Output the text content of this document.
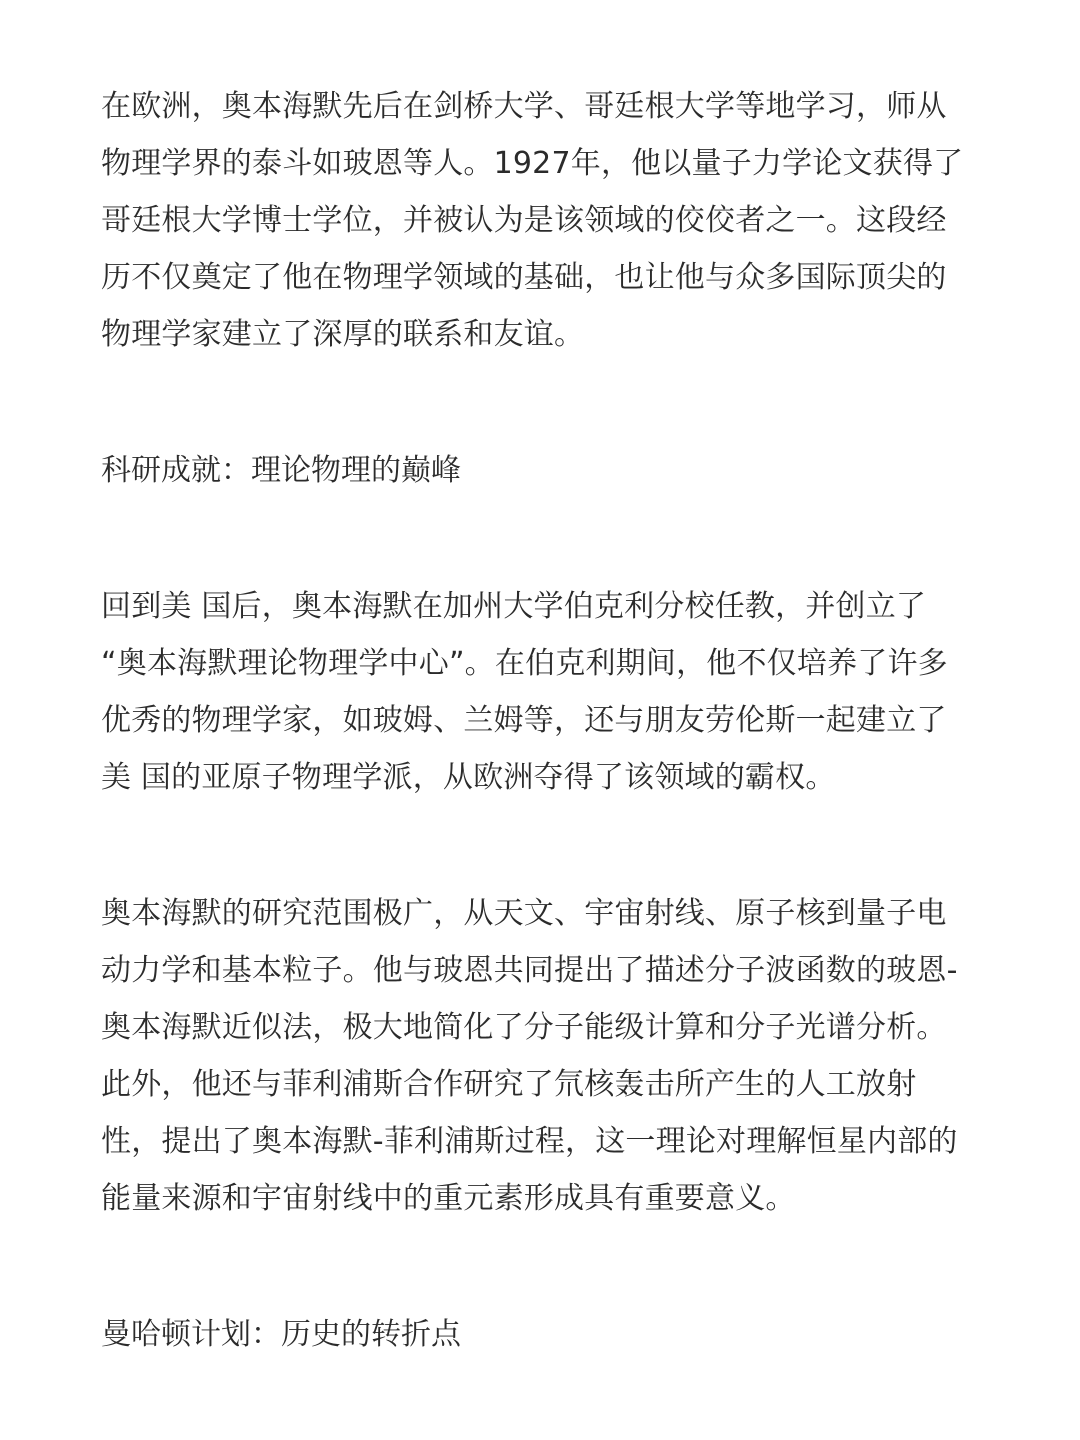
在欧洲，奥本海默先后在剑桥大学、哥廷根大学等地学习，师从
物理学界的泰斗如玻恩等人。1927年，他以量子力学论文获得了
哥廷根大学博士学位，并被认为是该领域的佼佼者之一。这段经
历不仅奠定了他在物理学领域的基础，也让他与众多国际顶尖的
物理学家建立了深厚的联系和友谊。
科研成就：理论物理的巅峰
回到美 国后，奥本海默在加州大学伯克利分校任教，并创立了
“奥本海默理论物理学中心”。在伯克利期间，他不仅培养了许多
优秀的物理学家，如玻姆、兰姆等，还与朋友劳伦斯一起建立了
美 国的亚原子物理学派，从欧洲夺得了该领域的霸权。
奥本海默的研究范围极广，从天文、宇宙射线、原子核到量子电
动力学和基本粒子。他与玻恩共同提出了描述分子波函数的玻恩-
奥本海默近似法，极大地简化了分子能级计算和分子光谱分析。
此外，他还与菲利浦斯合作研究了氘核轰击所产生的人工放射
性，提出了奥本海默-菲利浦斯过程，这一理论对理解恒星内部的
能量来源和宇宙射线中的重元素形成具有重要意义。
曼哈顿计划：历史的转折点
